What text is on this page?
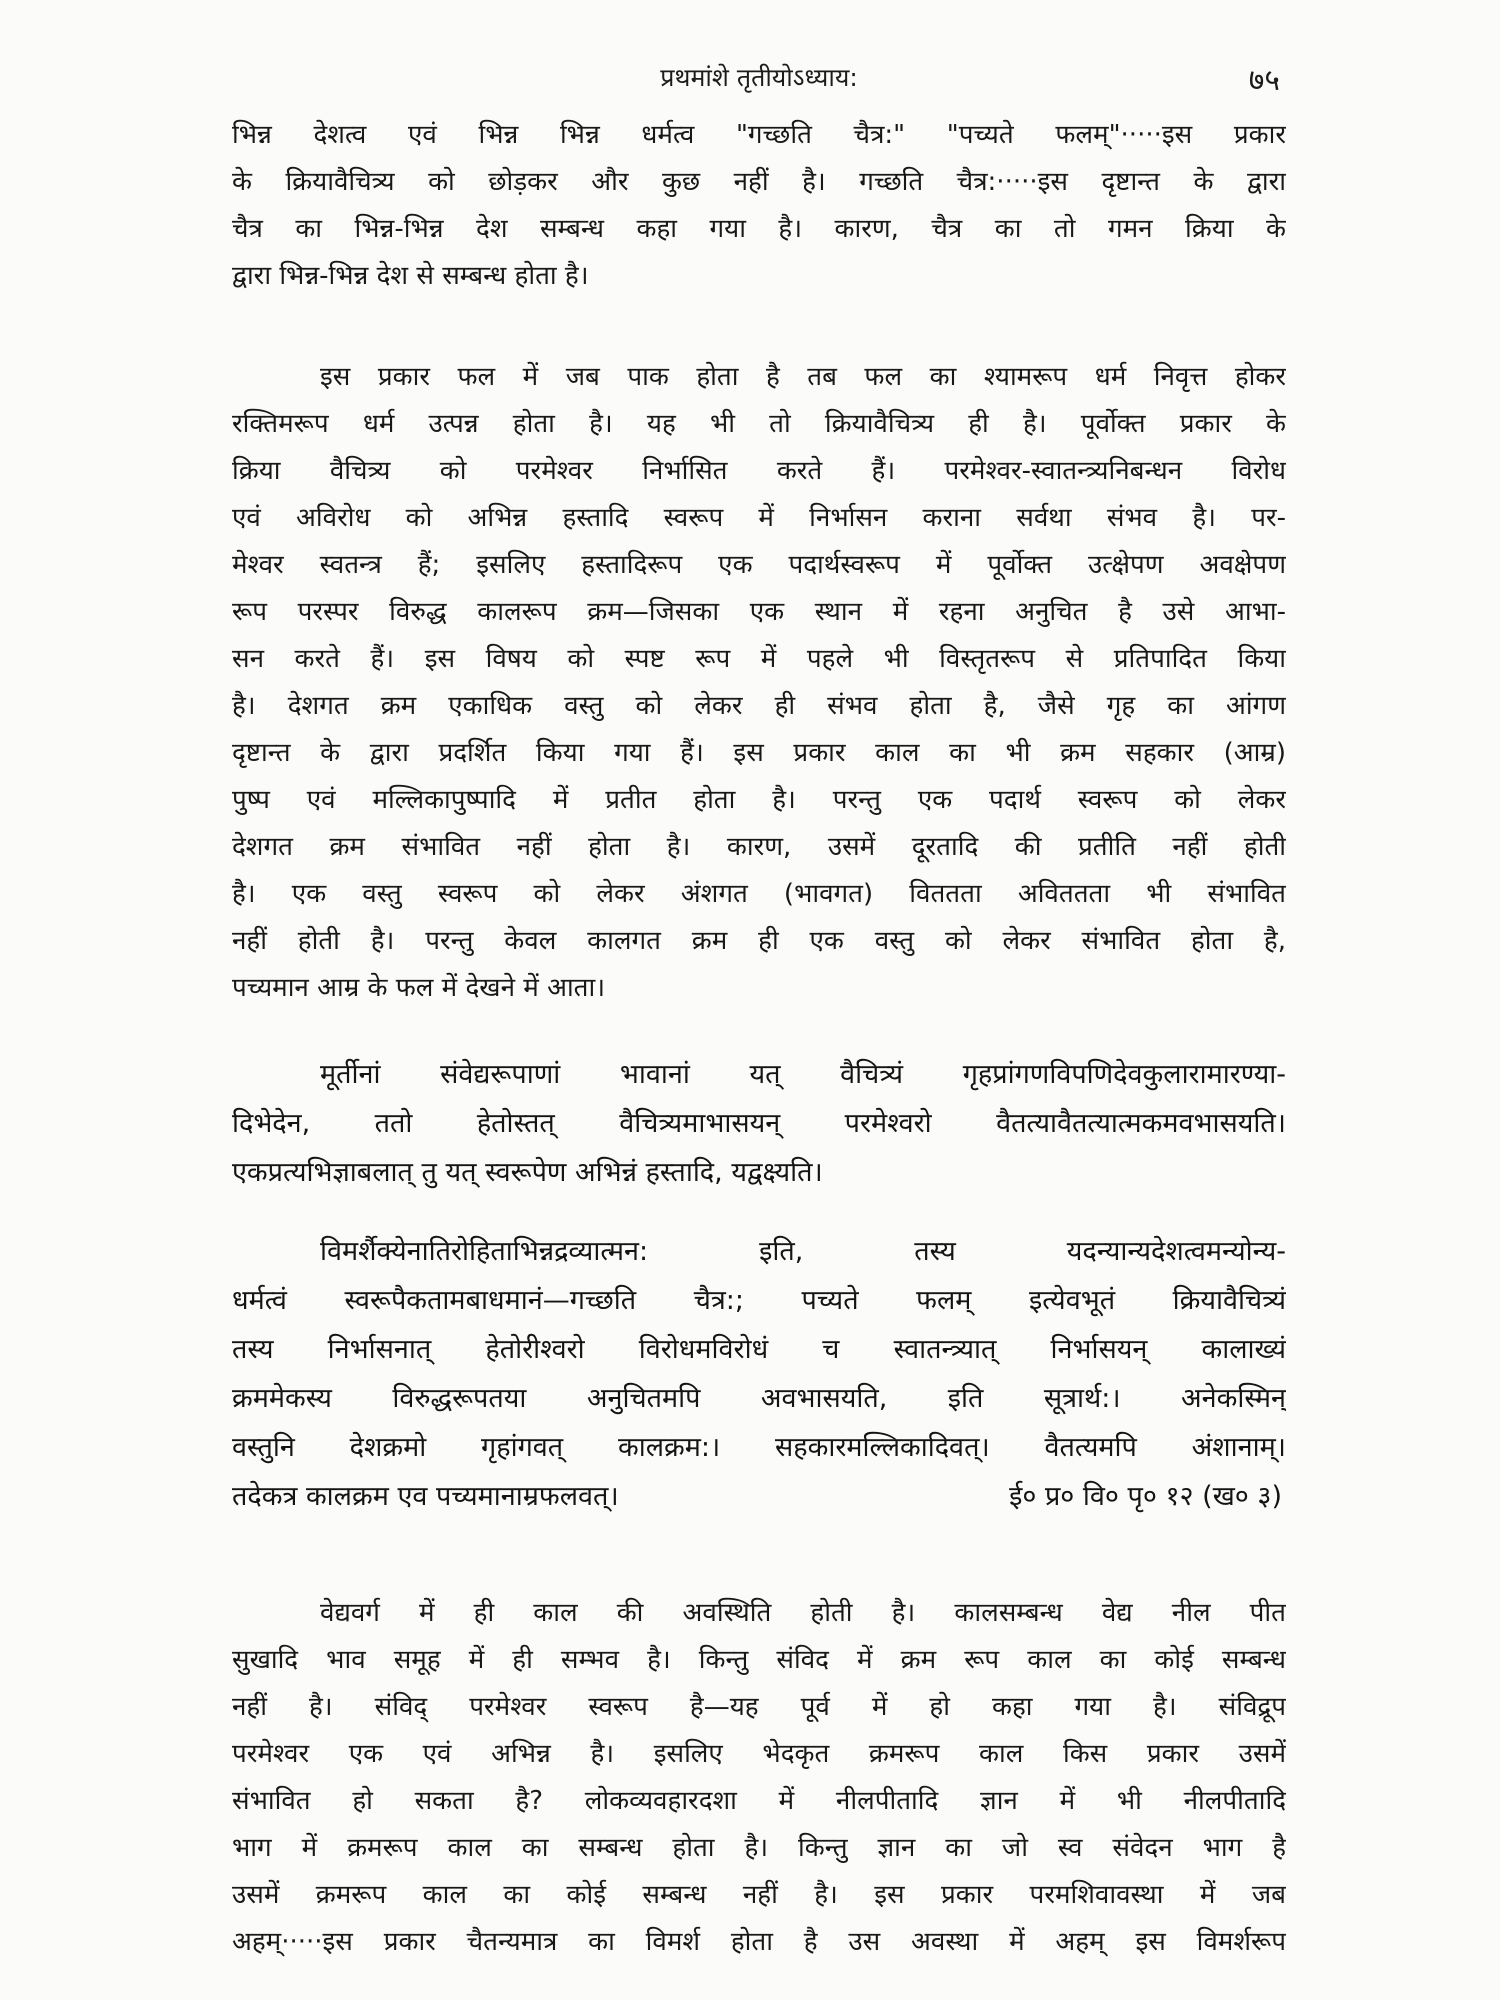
प्रथमांशे तृतीयोऽध्याय:	७५
भिन्न देशत्व एवं भिन्न भिन्न धर्मत्व "गच्छति चैत्र:" "पच्यते फलम्"·····इस प्रकार
के क्रियावैचित्र्य को छोड़कर और कुछ नहीं है। गच्छति चैत्र:·····इस दृष्टान्त के द्वारा
चैत्र का भिन्न-भिन्न देश सम्बन्ध कहा गया है। कारण, चैत्र का तो गमन क्रिया के
द्वारा भिन्न-भिन्न देश से सम्बन्ध होता है।
इस प्रकार फल में जब पाक होता है तब फल का श्यामरूप धर्म निवृत्त होकर
रक्तिमरूप धर्म उत्पन्न होता है। यह भी तो क्रियावैचित्र्य ही है। पूर्वोक्त प्रकार के
क्रिया वैचित्र्य को परमेश्वर निर्भासित करते हैं। परमेश्वर-स्वातन्त्र्यनिबन्धन विरोध
एवं अविरोध को अभिन्न हस्तादि स्वरूप में निर्भासन कराना सर्वथा संभव है। पर-
मेश्वर स्वतन्त्र हैं; इसलिए हस्तादिरूप एक पदार्थस्वरूप में पूर्वोक्त उत्क्षेपण अवक्षेपण
रूप परस्पर विरुद्ध कालरूप क्रम—जिसका एक स्थान में रहना अनुचित है उसे आभा-
सन करते हैं। इस विषय को स्पष्ट रूप में पहले भी विस्तृतरूप से प्रतिपादित किया
है। देशगत क्रम एकाधिक वस्तु को लेकर ही संभव होता है, जैसे गृह का आंगण
दृष्टान्त के द्वारा प्रदर्शित किया गया हैं। इस प्रकार काल का भी क्रम सहकार (आम्र)
पुष्प एवं मल्लिकापुष्पादि में प्रतीत होता है। परन्तु एक पदार्थ स्वरूप को लेकर
देशगत क्रम संभावित नहीं होता है। कारण, उसमें दूरतादि की प्रतीति नहीं होती
है। एक वस्तु स्वरूप को लेकर अंशगत (भावगत) विततता अविततता भी संभावित
नहीं होती है। परन्तु केवल कालगत क्रम ही एक वस्तु को लेकर संभावित होता है,
पच्यमान आम्र के फल में देखने में आता।
मूर्तीनां संवेद्यरूपाणां भावानां यत् वैचित्र्यं गृहप्रांगणविपणिदेवकुलारामारण्या-
दिभेदेन, ततो हेतोस्तत् वैचित्र्यमाभासयन् परमेश्वरो वैतत्यावैतत्यात्मकमवभासयति।
एकप्रत्यभिज्ञाबलात् तु यत् स्वरूपेण अभिन्नं हस्तादि, यद्वक्ष्यति।
विमर्शैक्येनातिरोहिताभिन्नद्रव्यात्मन: इति, तस्य यदन्यान्यदेशत्वमन्योन्य-
धर्मत्वं स्वरूपैकतामबाधमानं—गच्छति चैत्र:; पच्यते फलम् इत्येवभूतं क्रियावैचित्र्यं
तस्य निर्भासनात् हेतोरीश्वरो विरोधमविरोधं च स्वातन्त्र्यात् निर्भासयन् कालाख्यं
क्रममेकस्य विरुद्धरूपतया अनुचितमपि अवभासयति, इति सूत्रार्थ:। अनेकस्मिन्
वस्तुनि देशक्रमो गृहांगवत् कालक्रम:। सहकारमल्लिकादिवत्। वैतत्यमपि अंशानाम्।
तदेकत्र कालक्रम एव पच्यमानाम्रफलवत्।	ई० प्र० वि० पृ० १२ (ख० ३)
वेद्यवर्ग में ही काल की अवस्थिति होती है। कालसम्बन्ध वेद्य नील पीत
सुखादि भाव समूह में ही सम्भव है। किन्तु संविद में क्रम रूप काल का कोई सम्बन्ध
नहीं है। संविद् परमेश्वर स्वरूप है—यह पूर्व में हो कहा गया है। संविद्रूप
परमेश्वर एक एवं अभिन्न है। इसलिए भेदकृत क्रमरूप काल किस प्रकार उसमें
संभावित हो सकता है? लोकव्यवहारदशा में नीलपीतादि ज्ञान में भी नीलपीतादि
भाग में क्रमरूप काल का सम्बन्ध होता है। किन्तु ज्ञान का जो स्व संवेदन भाग है
उसमें क्रमरूप काल का कोई सम्बन्ध नहीं है। इस प्रकार परमशिवावस्था में जब
अहम्·····इस प्रकार चैतन्यमात्र का विमर्श होता है उस अवस्था में अहम् इस विमर्शरूप
